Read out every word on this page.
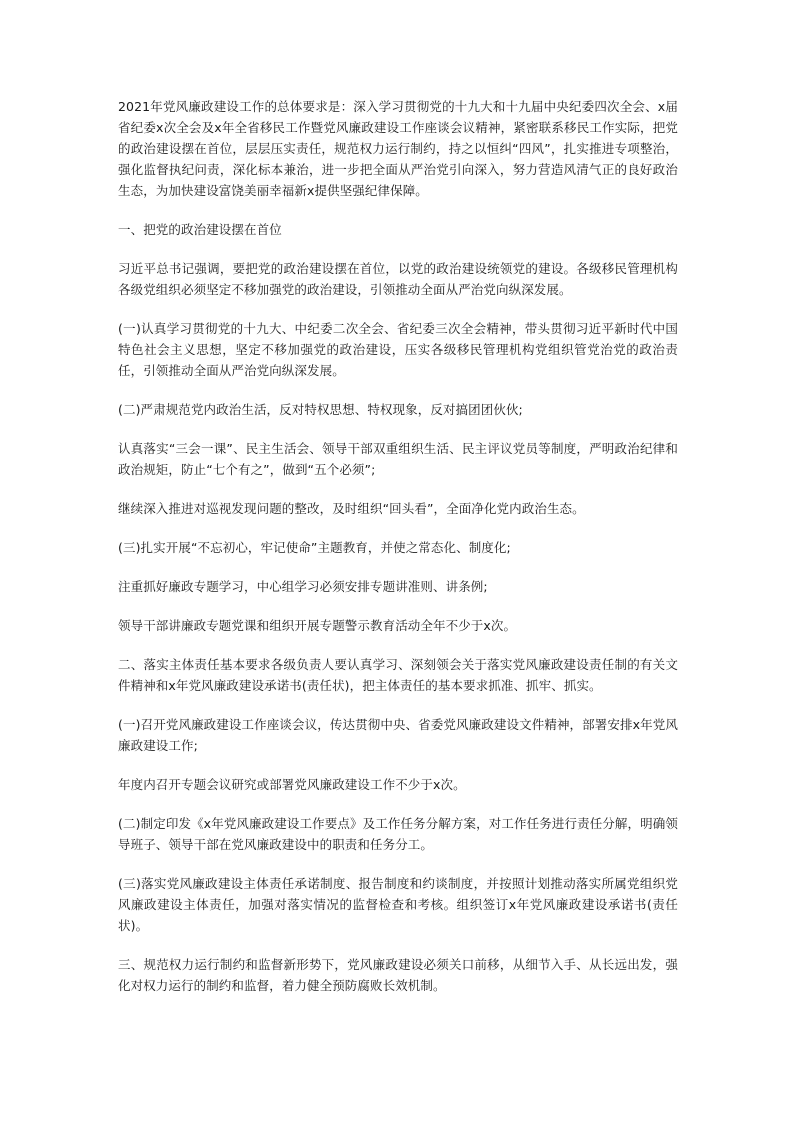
2021年党风廉政建设工作的总体要求是：深入学习贯彻党的十九大和十九届中央纪委四次全会、x届省纪委x次全会及x年全省移民工作暨党风廉政建设工作座谈会议精神，紧密联系移民工作实际，把党的政治建设摆在首位，层层压实责任，规范权力运行制约，持之以恒纠“四风”，扎实推进专项整治，强化监督执纪问责，深化标本兼治，进一步把全面从严治党引向深入，努力营造风清气正的良好政治生态，为加快建设富饶美丽幸福新x提供坚强纪律保障。

一、把党的政治建设摆在首位

习近平总书记强调，要把党的政治建设摆在首位，以党的政治建设统领党的建设。各级移民管理机构各级党组织必须坚定不移加强党的政治建设，引领推动全面从严治党向纵深发展。

(一)认真学习贯彻党的十九大、中纪委二次全会、省纪委三次全会精神，带头贯彻习近平新时代中国特色社会主义思想，坚定不移加强党的政治建设，压实各级移民管理机构党组织管党治党的政治责任，引领推动全面从严治党向纵深发展。

(二)严肃规范党内政治生活，反对特权思想、特权现象，反对搞团团伙伙;

认真落实“三会一课”、民主生活会、领导干部双重组织生活、民主评议党员等制度，严明政治纪律和政治规矩，防止“七个有之”，做到“五个必须”;

继续深入推进对巡视发现问题的整改，及时组织“回头看”，全面净化党内政治生态。

(三)扎实开展“不忘初心，牢记使命”主题教育，并使之常态化、制度化;

注重抓好廉政专题学习，中心组学习必须安排专题讲准则、讲条例;

领导干部讲廉政专题党课和组织开展专题警示教育活动全年不少于x次。

二、落实主体责任基本要求各级负责人要认真学习、深刻领会关于落实党风廉政建设责任制的有关文件精神和x年党风廉政建设承诺书(责任状)，把主体责任的基本要求抓准、抓牢、抓实。

(一)召开党风廉政建设工作座谈会议，传达贯彻中央、省委党风廉政建设文件精神，部署安排x年党风廉政建设工作;

年度内召开专题会议研究或部署党风廉政建设工作不少于x次。

(二)制定印发《x年党风廉政建设工作要点》及工作任务分解方案，对工作任务进行责任分解，明确领导班子、领导干部在党风廉政建设中的职责和任务分工。

(三)落实党风廉政建设主体责任承诺制度、报告制度和约谈制度，并按照计划推动落实所属党组织党风廉政建设主体责任，加强对落实情况的监督检查和考核。组织签订x年党风廉政建设承诺书(责任状)。

三、规范权力运行制约和监督新形势下，党风廉政建设必须关口前移，从细节入手、从长远出发，强化对权力运行的制约和监督，着力健全预防腐败长效机制。
